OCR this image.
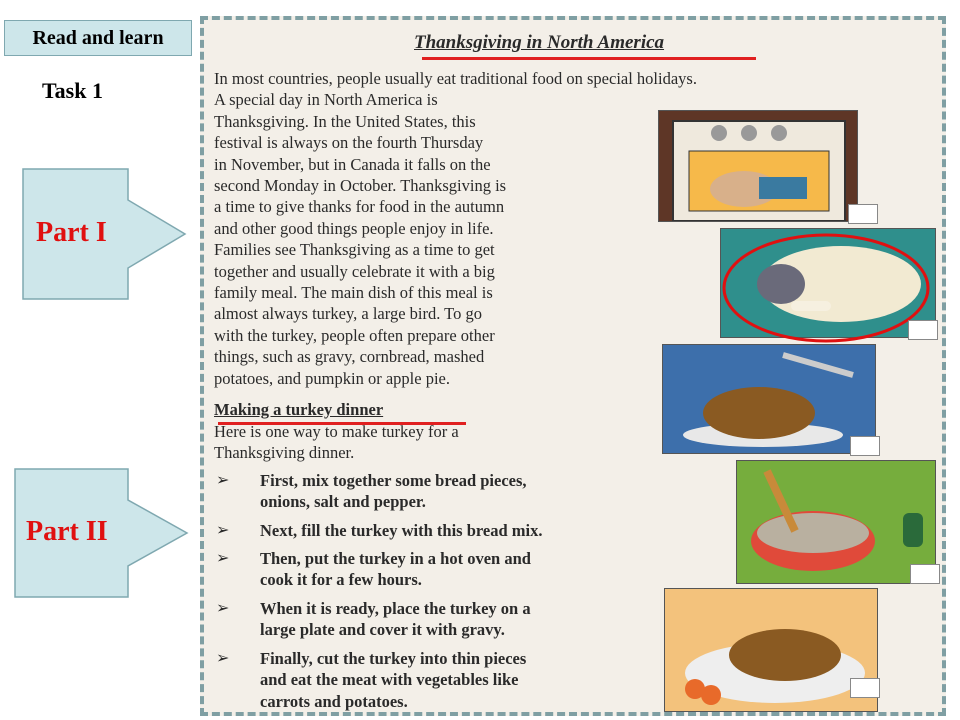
Read and learn
Task 1
Part I
Part II
Thanksgiving in North America
In most countries, people usually eat traditional food on special holidays.
A special day in North America is
Thanksgiving. In the United States, this
festival is always on the fourth Thursday
in November, but in Canada it falls on the
second Monday in October. Thanksgiving is
a time to give thanks for food in the autumn
and other good things people enjoy in life.
Families see Thanksgiving as a time to get
together and usually celebrate it with a big
family meal. The main dish of this meal is
almost always turkey, a large bird. To go
with the turkey, people often prepare other
things, such as gravy, cornbread, mashed
potatoes, and pumpkin or apple pie.
Making a turkey dinner
Here is one way to make turkey for a
Thanksgiving dinner.
➢ First, mix together some bread pieces,
onions, salt and pepper.
➢ Next, fill the turkey with this bread mix.
➢ Then, put the turkey in a hot oven and
cook it for a few hours.
➢ When it is ready, place the turkey on a
large plate and cover it with gravy.
➢ Finally, cut the turkey into thin pieces
and eat the meat with vegetables like
carrots and potatoes.
